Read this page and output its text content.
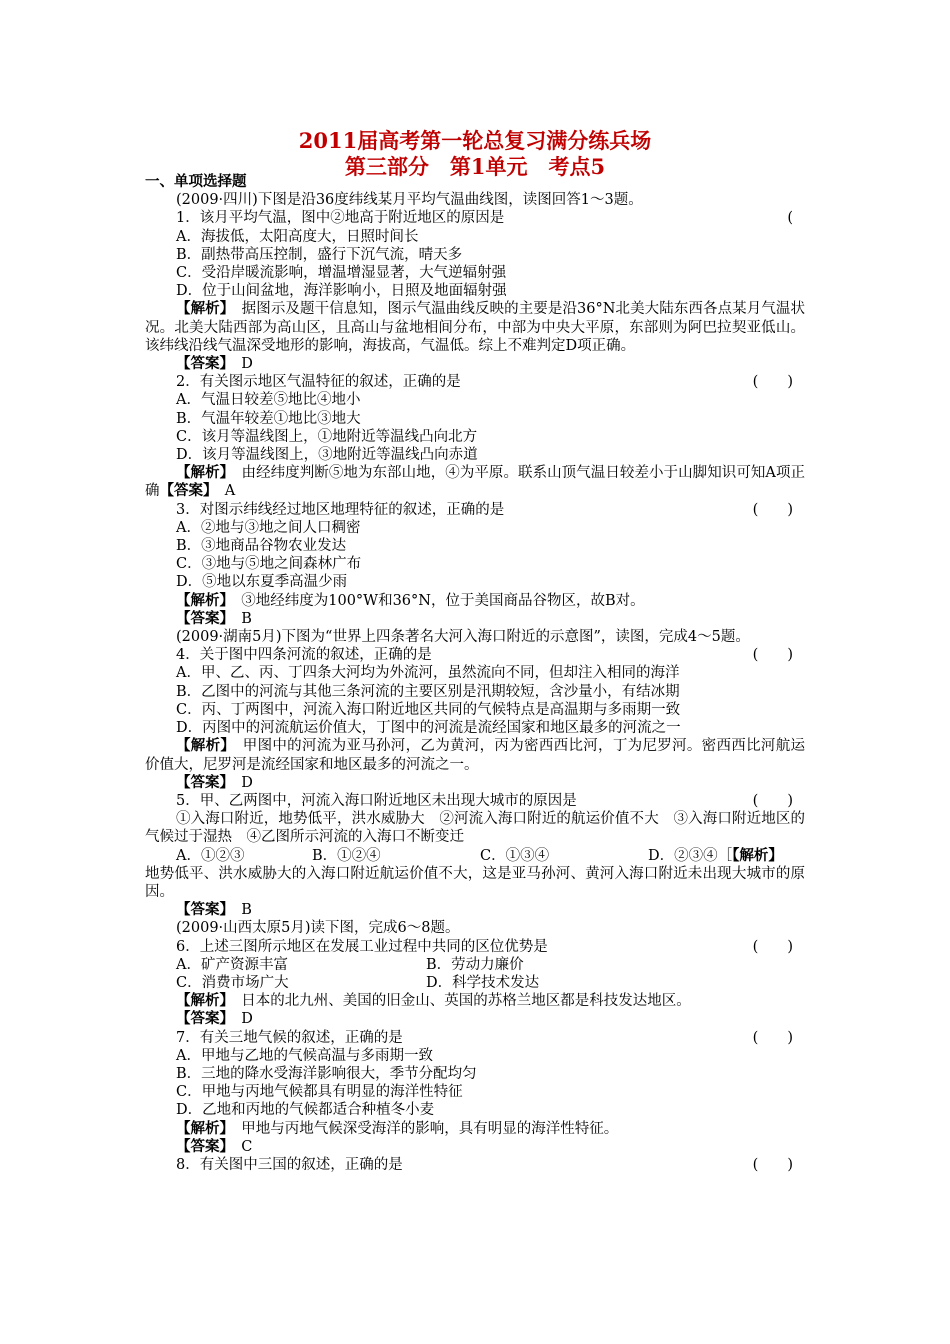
2011届高考第一轮总复习满分练兵场
第三部分　第1单元　考点5

一、单项选择题

(2009·四川)下图是沿36度纬线某月平均气温曲线图，读图回答1～3题。

1．该月平均气温，图中②地高于附近地区的原因是	(

A．海拔低，太阳高度大，日照时间长

B．副热带高压控制，盛行下沉气流，晴天多

C．受沿岸暖流影响，增温增湿显著，大气逆辐射强

D．位于山间盆地，海洋影响小，日照及地面辐射强

【解析】　据图示及题干信息知，图示气温曲线反映的主要是沿36°N北美大陆东西各点某月气温状况。北美大陆西部为高山区，且高山与盆地相间分布，中部为中央大平原，东部则为阿巴拉契亚低山。该纬线沿线气温深受地形的影响，海拔高，气温低。综上不难判定D项正确。

【答案】　D

2．有关图示地区气温特征的叙述，正确的是	(　　)

A．气温日较差⑤地比④地小

B．气温年较差①地比③地大

C．该月等温线图上，①地附近等温线凸向北方

D．该月等温线图上，③地附近等温线凸向赤道

【解析】　由经纬度判断⑤地为东部山地，④为平原。联系山顶气温日较差小于山脚知识可知A项正确【答案】　A

3．对图示纬线经过地区地理特征的叙述，正确的是	(　　)

A．②地与③地之间人口稠密

B．③地商品谷物农业发达

C．③地与⑤地之间森林广布

D．⑤地以东夏季高温少雨

【解析】　③地经纬度为100°W和36°N，位于美国商品谷物区，故B对。

【答案】　B

(2009·湖南5月)下图为“世界上四条著名大河入海口附近的示意图”，读图，完成4～5题。

4．关于图中四条河流的叙述，正确的是	(　　)

A．甲、乙、丙、丁四条大河均为外流河，虽然流向不同，但却注入相同的海洋

B．乙图中的河流与其他三条河流的主要区别是汛期较短，含沙量小，有结冰期

C．丙、丁两图中，河流入海口附近地区共同的气候特点是高温期与多雨期一致

D．丙图中的河流航运价值大，丁图中的河流是流经国家和地区最多的河流之一

【解析】　甲图中的河流为亚马孙河，乙为黄河，丙为密西西比河，丁为尼罗河。密西西比河航运价值大，尼罗河是流经国家和地区最多的河流之一。

【答案】　D

5．甲、乙两图中，河流入海口附近地区未出现大城市的原因是	(　　)

①入海口附近，地势低平，洪水威胁大　②河流入海口附近的航运价值不大　③入海口附近地区的气候过于湿热　④乙图所示河流的入海口不断变迁

A．①②③	B．①②④	C．①③④	D．②③④［【解析】

地势低平、洪水威胁大的入海口附近航运价值不大，这是亚马孙河、黄河入海口附近未出现大城市的原因。

【答案】　B

(2009·山西太原5月)读下图，完成6～8题。

6．上述三图所示地区在发展工业过程中共同的区位优势是	(　　)

A．矿产资源丰富	B．劳动力廉价

C．消费市场广大	D．科学技术发达

【解析】　日本的北九州、美国的旧金山、英国的苏格兰地区都是科技发达地区。

【答案】　D

7．有关三地气候的叙述，正确的是	(　　)

A．甲地与乙地的气候高温与多雨期一致

B．三地的降水受海洋影响很大，季节分配均匀

C．甲地与丙地气候都具有明显的海洋性特征

D．乙地和丙地的气候都适合种植冬小麦

【解析】　甲地与丙地气候深受海洋的影响，具有明显的海洋性特征。

【答案】　C

8．有关图中三国的叙述，正确的是	(　　)
